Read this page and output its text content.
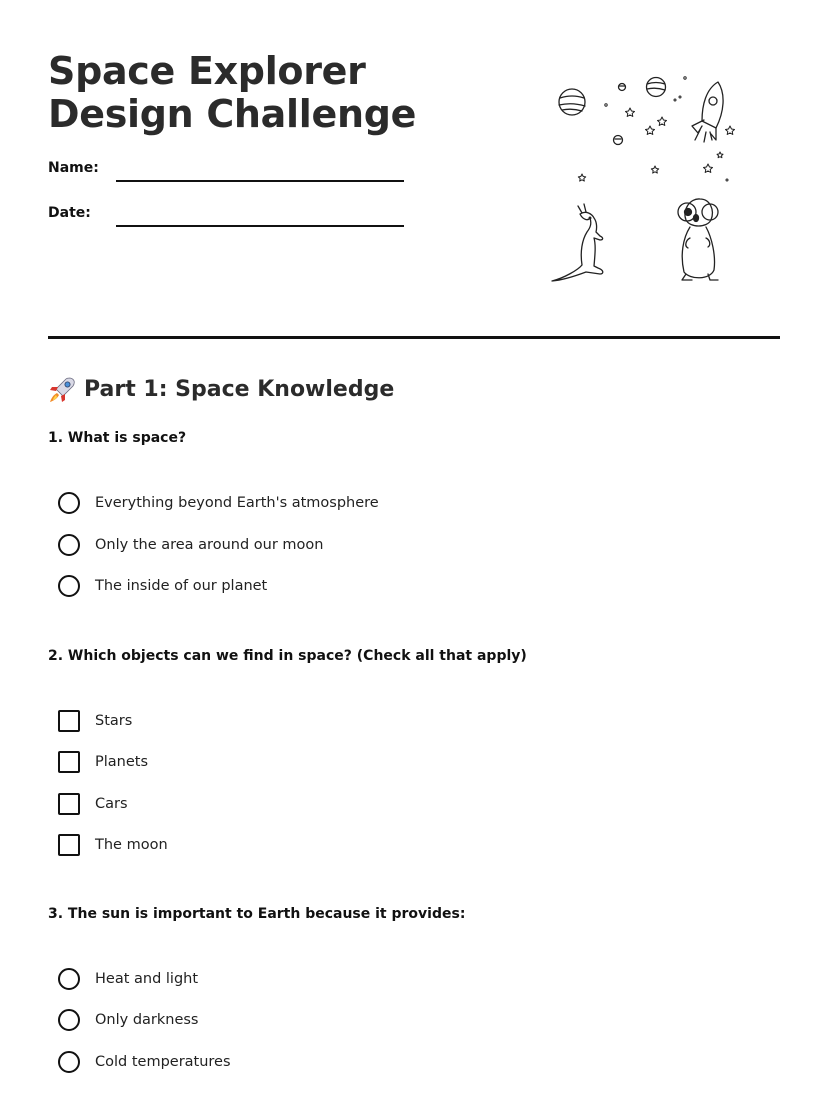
Space Explorer Design Challenge
Name:
Date:
Part 1: Space Knowledge
1. What is space?
Everything beyond Earth's atmosphere
Only the area around our moon
The inside of our planet
2. Which objects can we find in space? (Check all that apply)
Stars
Planets
Cars
The moon
3. The sun is important to Earth because it provides:
Heat and light
Only darkness
Cold temperatures
